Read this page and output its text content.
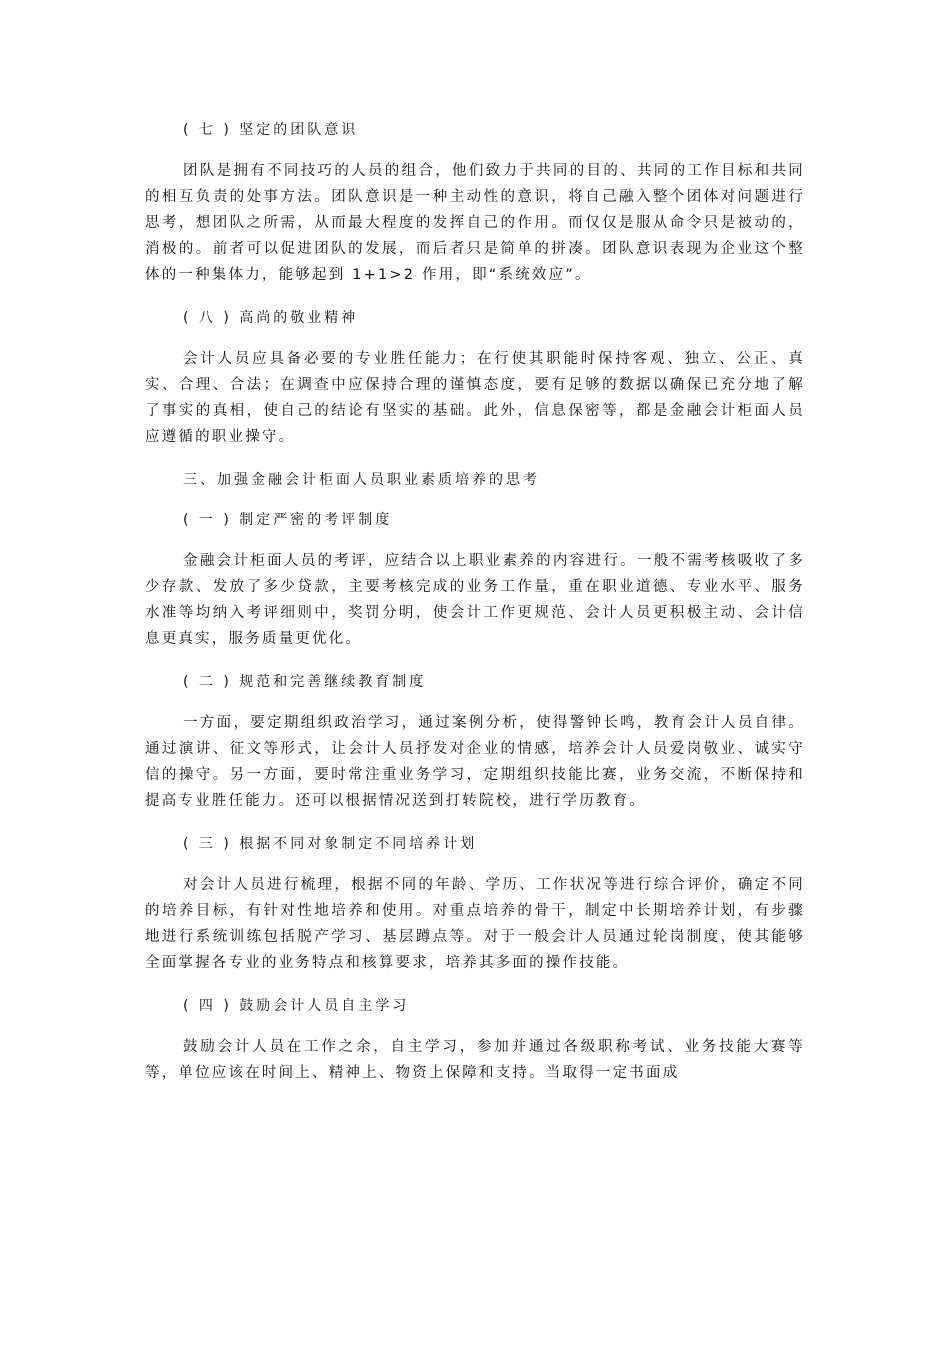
( 七 ) 坚定的团队意识

团队是拥有不同技巧的人员的组合，他们致力于共同的目的、共同的工作目标和共同的相互负责的处事方法。团队意识是一种主动性的意识，将自己融入整个团体对问题进行思考，想团队之所需，从而最大程度的发挥自己的作用。而仅仅是服从命令只是被动的，消极的。前者可以促进团队的发展，而后者只是简单的拼凑。团队意识表现为企业这个整体的一种集体力，能够起到 1+1>2 作用，即“系统效应”。

( 八 ) 高尚的敬业精神

会计人员应具备必要的专业胜任能力；在行使其职能时保持客观、独立、公正、真实、合理、合法；在调查中应保持合理的谨慎态度，要有足够的数据以确保已充分地了解了事实的真相，使自己的结论有坚实的基础。此外，信息保密等，都是金融会计柜面人员应遵循的职业操守。

三、加强金融会计柜面人员职业素质培养的思考

( 一 ) 制定严密的考评制度

金融会计柜面人员的考评，应结合以上职业素养的内容进行。一般不需考核吸收了多少存款、发放了多少贷款，主要考核完成的业务工作量，重在职业道德、专业水平、服务水准等均纳入考评细则中，奖罚分明，使会计工作更规范、会计人员更积极主动、会计信息更真实，服务质量更优化。

( 二 ) 规范和完善继续教育制度

一方面，要定期组织政治学习，通过案例分析，使得警钟长鸣，教育会计人员自律。通过演讲、征文等形式，让会计人员抒发对企业的情感，培养会计人员爱岗敬业、诚实守信的操守。另一方面，要时常注重业务学习，定期组织技能比赛，业务交流，不断保持和提高专业胜任能力。还可以根据情况送到打转院校，进行学历教育。

( 三 ) 根据不同对象制定不同培养计划

对会计人员进行梳理，根据不同的年龄、学历、工作状况等进行综合评价，确定不同的培养目标，有针对性地培养和使用。对重点培养的骨干，制定中长期培养计划，有步骤地进行系统训练包括脱产学习、基层蹲点等。对于一般会计人员通过轮岗制度，使其能够全面掌握各专业的业务特点和核算要求，培养其多面的操作技能。

( 四 ) 鼓励会计人员自主学习

鼓励会计人员在工作之余，自主学习，参加并通过各级职称考试、业务技能大赛等等，单位应该在时间上、精神上、物资上保障和支持。当取得一定书面成
